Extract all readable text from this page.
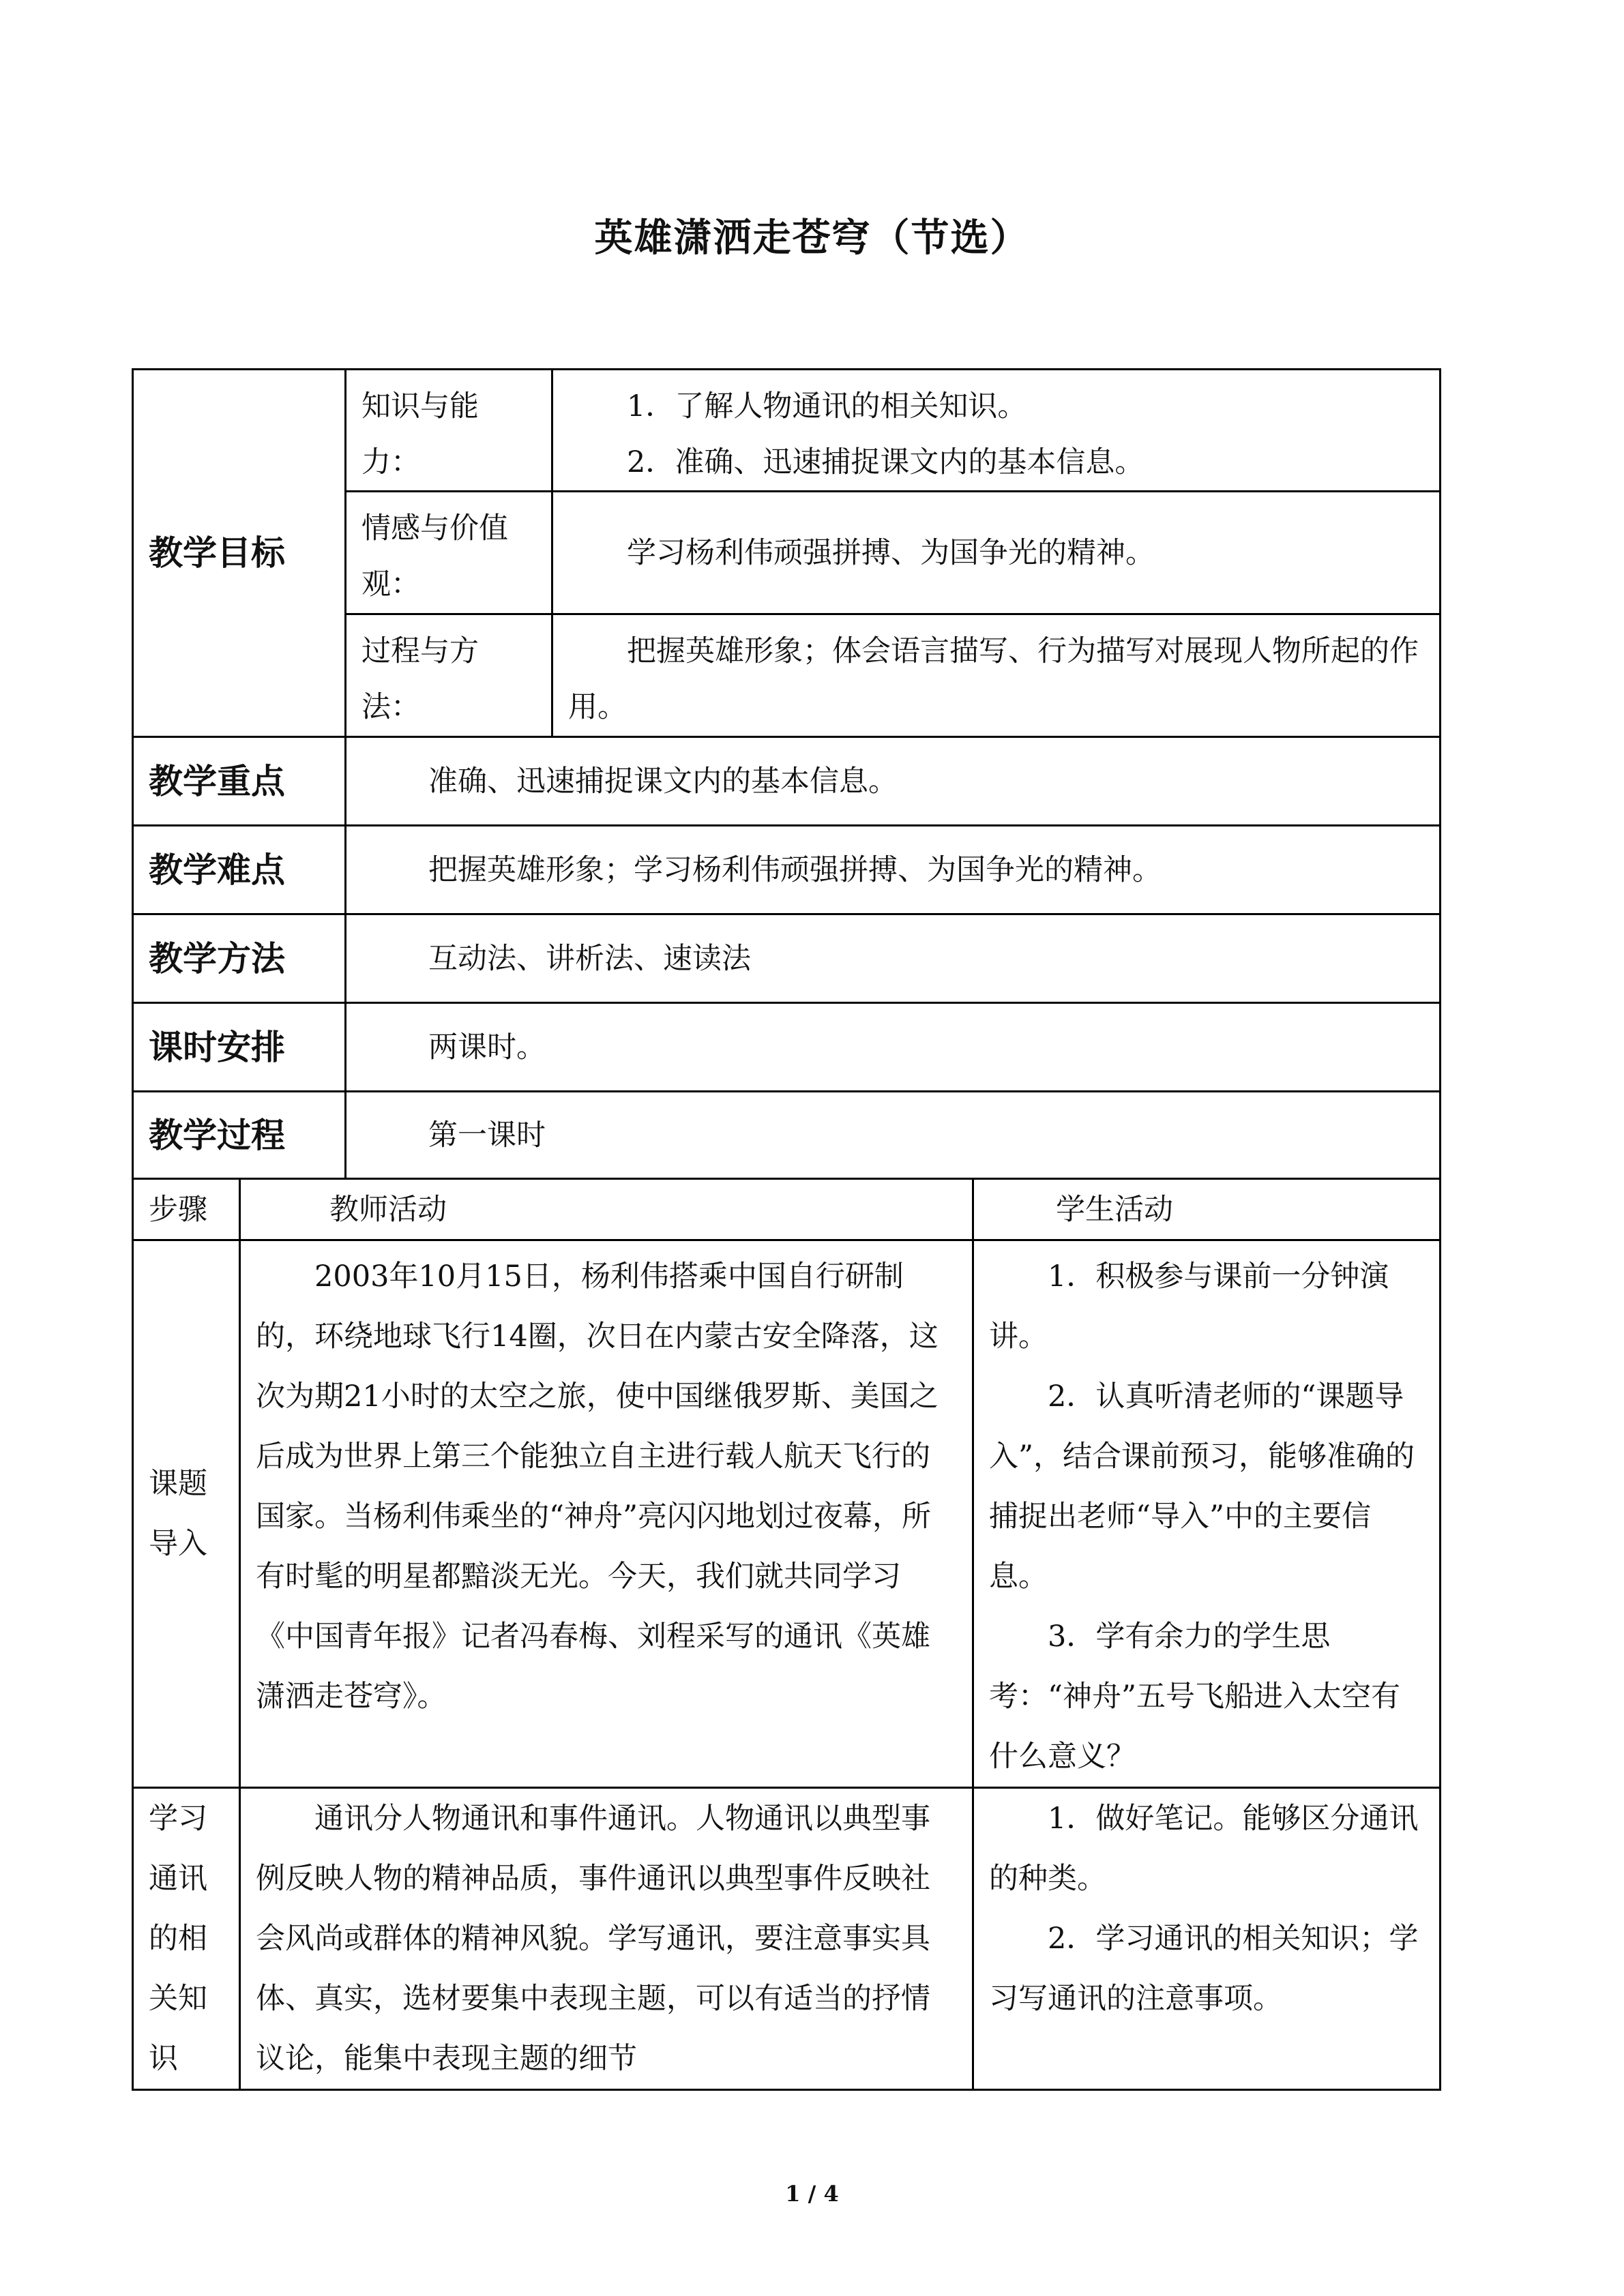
英雄潇洒走苍穹（节选）
教学目标	知识与能力：	1．了解人物通讯的相关知识。
2．准确、迅速捕捉课文内的基本信息。

	情感与价值观：	学习杨利伟顽强拼搏、为国争光的精神。

	过程与方法：	把握英雄形象；体会语言描写、行为描写对展现人物所起的作用。

教学重点	准确、迅速捕捉课文内的基本信息。	
教学难点	把握英雄形象；学习杨利伟顽强拼搏、为国争光的精神。	
教学方法	互动法、讲析法、速读法	
课时安排	两课时。	
教学过程	第一课时	
步骤	教师活动	学生活动
课题导入	2003年10月15日，杨利伟搭乘中国自行研制的，环绕地球飞行14圈，次日在内蒙古安全降落，这次为期21小时的太空之旅，使中国继俄罗斯、美国之后成为世界上第三个能独立自主进行载人航天飞行的国家。当杨利伟乘坐的“神舟”亮闪闪地划过夜幕，所有时髦的明星都黯淡无光。今天，我们就共同学习《中国青年报》记者冯春梅、刘程采写的通讯《英雄潇洒走苍穹》。	1．积极参与课前一分钟演讲。
2．认真听清老师的“课题导入”，结合课前预习，能够准确的捕捉出老师“导入”中的主要信息。
3．学有余力的学生思考：“神舟”五号飞船进入太空有什么意义？

学习通讯的相关知识	通讯分人物通讯和事件通讯。人物通讯以典型事例反映人物的精神品质，事件通讯以典型事件反映社会风尚或群体的精神风貌。学写通讯，要注意事实具体、真实，选材要集中表现主题，可以有适当的抒情议论，能集中表现主题的细节	1．做好笔记。能够区分通讯的种类。
2．学习通讯的相关知识；学习写通讯的注意事项。
1 / 4
